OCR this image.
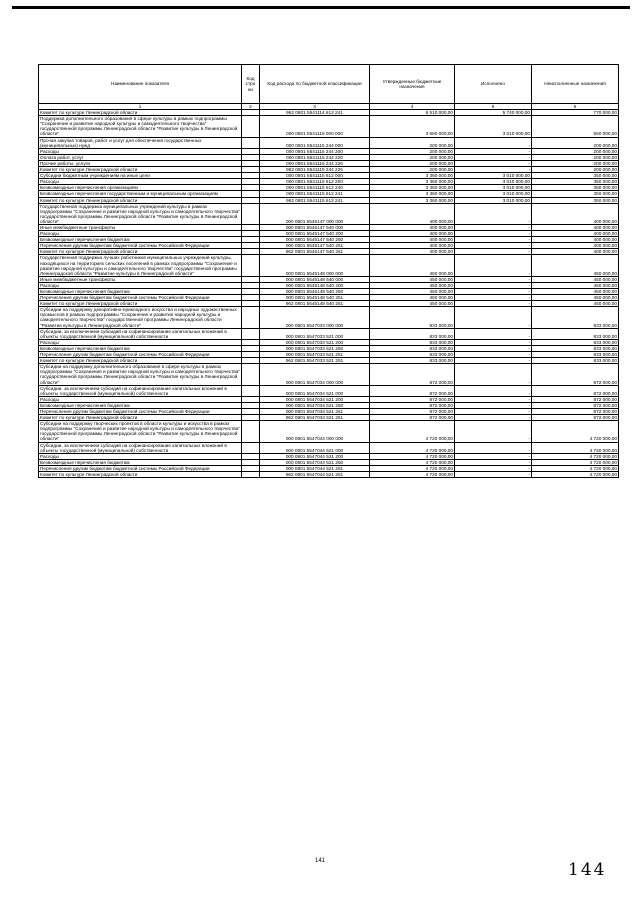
Наименование показателя	Код стро ки	Код расхода по бюджетной классификации	Утвержденные бюджетные назначения	Исполнено	Неисполненные назначения
1	2	3	4	5	6
Комитет по культуре Ленинградской области		962 0801 5541114 612 241	6 510 000,00	5 740 000,00	770 000,00
Поддержка дополнительного образования в сфере культуры в рамках подпрограммы "Сохранение и развитие народной культуры и самодеятельного творчества" государственной программы Ленинградской области "Развитие культуры в Ленинградской области"		000 0801 5541115 000 000	3 560 000,00	3 010 000,00	550 000,00
Прочая закупка товаров, работ и услуг для обеспечения государственных (муниципальных) нужд		000 0801 5541115 244 000	200 000,00	-	200 000,00
Расходы		000 0801 5541115 244 200	200 000,00	-	200 000,00
Оплата работ, услуг		000 0801 5541115 244 220	200 000,00	-	200 000,00
Прочие работы, услуги		000 0801 5541115 244 226	200 000,00	-	200 000,00
Комитет по культуре Ленинградской области		962 0801 5541115 244 226	200 000,00	-	200 000,00
Субсидии бюджетным учреждениям на иные цели		000 0801 5541115 612 000	3 360 000,00	3 010 000,00	350 000,00
Расходы		000 0801 5541115 612 200	3 360 000,00	3 010 000,00	350 000,00
Безвозмездные перечисления организациям		000 0801 5541115 612 240	3 360 000,00	3 010 000,00	350 000,00
Безвозмездные перечисления государственным и муниципальным организациям		000 0801 5541115 612 241	3 360 000,00	3 010 000,00	350 000,00
Комитет по культуре Ленинградской области		962 0801 5541115 612 241	3 360 000,00	3 010 000,00	350 000,00
Государственная поддержка муниципальных учреждений культуры в рамках подпрограммы "Сохранение и развитие народной культуры и самодеятельного творчества" государственной программы Ленинградской области "Развитие культуры в Ленинградской области"		000 0801 5545147 000 000	400 000,00	-	400 000,00
Иные межбюджетные трансферты		000 0801 5545147 540 000	400 000,00	-	400 000,00
Расходы		000 0801 5545147 540 200	400 000,00	-	400 000,00
Безвозмездные перечисления бюджетам		000 0801 5545147 540 250	400 000,00	-	400 000,00
Перечисления другим бюджетам бюджетной системы Российской Федерации		000 0801 5545147 540 251	400 000,00	-	400 000,00
Комитет по культуре Ленинградской области		962 0801 5545147 540 251	400 000,00	-	400 000,00
Государственная поддержка лучших работников муниципальных учреждений культуры, находящихся на территориях сельских поселений в рамках подпрограммы "Сохранение и развитие народной культуры и самодеятельного творчества" государственной программы Ленинградской области "Развитие культуры в Ленинградской области"		000 0801 5545148 000 000	450 000,00	-	450 000,00
Иные межбюджетные трансферты		000 0801 5545148 540 000	450 000,00	-	450 000,00
Расходы		000 0801 5545148 540 200	450 000,00	-	450 000,00
Безвозмездные перечисления бюджетам		000 0801 5545148 540 250	450 000,00	-	450 000,00
Перечисления другим бюджетам бюджетной системы Российской Федерации		000 0801 5545148 540 251	450 000,00	-	450 000,00
Комитет по культуре Ленинградской области		962 0801 5545148 540 251	450 000,00	-	450 000,00
Субсидии на поддержку декоративно-прикладного искусства и народных художественных промыслов в рамках подпрограммы "Сохранение и развитие народной культуры и самодеятельного творчества" государственной программы Ленинградской области "Развитие культуры в Ленинградской области"		000 0801 5547033 000 000	833 000,00	-	833 000,00
Субсидии, за исключением субсидий на софинансирование капитальных вложений в объекты государственной (муниципальной) собственности		000 0801 5547033 521 000	833 000,00	-	833 000,00
Расходы		000 0801 5547033 521 200	833 000,00	-	833 000,00
Безвозмездные перечисления бюджетам		000 0801 5547033 521 250	833 000,00	-	833 000,00
Перечисления другим бюджетам бюджетной системы Российской Федерации		000 0801 5547033 521 251	833 000,00	-	833 000,00
Комитет по культуре Ленинградской области		962 0801 5547033 521 251	833 000,00	-	833 000,00
Субсидии на поддержку дополнительного образования в сфере культуры в рамках подпрограммы "Сохранение и развитие народной культуры и самодеятельного творчества" государственной программы Ленинградской области "Развитие культуры в Ленинградской области"		000 0801 5547034 000 000	872 000,00	-	872 000,00
Субсидии, за исключением субсидий на софинансирование капитальных вложений в объекты государственной (муниципальной) собственности		000 0801 5547034 521 000	872 000,00	-	872 000,00
Расходы		000 0801 5547034 521 200	872 000,00	-	872 000,00
Безвозмездные перечисления бюджетам		000 0801 5547034 521 250	872 000,00	-	872 000,00
Перечисления другим бюджетам бюджетной системы Российской Федерации		000 0801 5547034 521 251	872 000,00	-	872 000,00
Комитет по культуре Ленинградской области		962 0801 5547034 521 251	872 000,00	-	872 000,00
Субсидии на поддержку творческих проектов в области культуры и искусства в рамках подпрограммы "Сохранение и развитие народной культуры и самодеятельного творчества" государственной программы Ленинградской области "Развитие культуры в Ленинградской области"		000 0801 5547044 000 000	4 720 000,00	-	4 720 000,00
Субсидии, за исключением субсидий на софинансирование капитальных вложений в объекты государственной (муниципальной) собственности		000 0801 5547044 521 000	4 720 000,00	-	4 720 000,00
Расходы		000 0801 5547044 521 200	4 720 000,00	-	4 720 000,00
Безвозмездные перечисления бюджетам		000 0801 5547044 521 250	4 720 000,00	-	4 720 000,00
Перечисления другим бюджетам бюджетной системы Российской Федерации		000 0801 5547044 521 251	4 720 000,00	-	4 720 000,00
Комитет по культуре Ленинградской области		962 0801 5547044 521 251	4 720 000,00	-	4 720 000,00
141	144
